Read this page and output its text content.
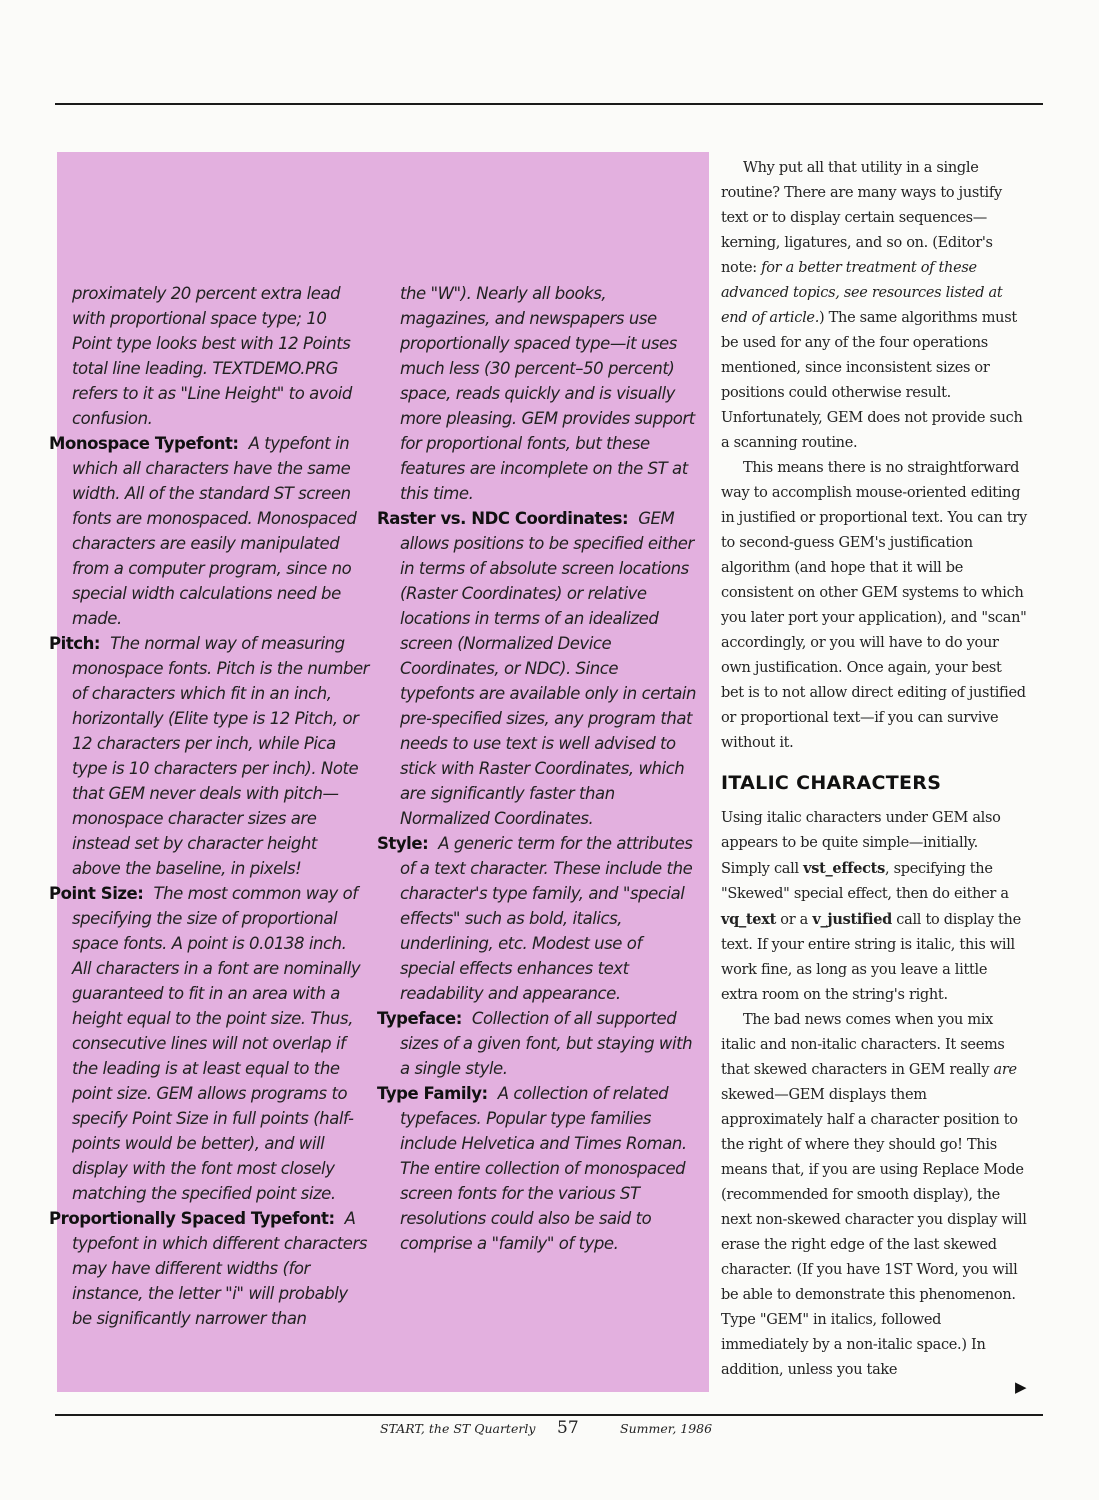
proximately 20 percent extra lead with proportional space type; 10 Point type looks best with 12 Points total line leading. TEXTDEMO.PRG refers to it as "Line Height" to avoid confusion.

Monospace Typefont: A typefont in which all characters have the same width. All of the standard ST screen fonts are monospaced. Monospaced characters are easily manipulated from a computer program, since no special width calculations need be made.

Pitch: The normal way of measuring monospace fonts. Pitch is the number of characters which fit in an inch, horizontally (Elite type is 12 Pitch, or 12 characters per inch, while Pica type is 10 characters per inch). Note that GEM never deals with pitch—monospace character sizes are instead set by character height above the baseline, in pixels!

Point Size: The most common way of specifying the size of proportional space fonts. A point is 0.0138 inch. All characters in a font are nominally guaranteed to fit in an area with a height equal to the point size. Thus, consecutive lines will not overlap if the leading is at least equal to the point size. GEM allows programs to specify Point Size in full points (half-points would be better), and will display with the font most closely matching the specified point size.

Proportionally Spaced Typefont: A typefont in which different characters may have different widths (for instance, the letter "i" will probably be significantly narrower than

the "W"). Nearly all books, magazines, and newspapers use proportionally spaced type—it uses much less (30 percent–50 percent) space, reads quickly and is visually more pleasing. GEM provides support for proportional fonts, but these features are incomplete on the ST at this time.

Raster vs. NDC Coordinates: GEM allows positions to be specified either in terms of absolute screen locations (Raster Coordinates) or relative locations in terms of an idealized screen (Normalized Device Coordinates, or NDC). Since typefonts are available only in certain pre-specified sizes, any program that needs to use text is well advised to stick with Raster Coordinates, which are significantly faster than Normalized Coordinates.

Style: A generic term for the attributes of a text character. These include the character's type family, and "special effects" such as bold, italics, underlining, etc. Modest use of special effects enhances text readability and appearance.

Typeface: Collection of all supported sizes of a given font, but staying with a single style.

Type Family: A collection of related typefaces. Popular type families include Helvetica and Times Roman. The entire collection of monospaced screen fonts for the various ST resolutions could also be said to comprise a "family" of type.

Why put all that utility in a single routine? There are many ways to justify text or to display certain sequences—kerning, ligatures, and so on. (Editor's note: for a better treatment of these advanced topics, see resources listed at end of article.) The same algorithms must be used for any of the four operations mentioned, since inconsistent sizes or positions could otherwise result. Unfortunately, GEM does not provide such a scanning routine.

This means there is no straightforward way to accomplish mouse-oriented editing in justified or proportional text. You can try to second-guess GEM's justification algorithm (and hope that it will be consistent on other GEM systems to which you later port your application), and "scan" accordingly, or you will have to do your own justification. Once again, your best bet is to not allow direct editing of justified or proportional text—if you can survive without it.

ITALIC CHARACTERS

Using italic characters under GEM also appears to be quite simple—initially. Simply call vst_effects, specifying the "Skewed" special effect, then do either a vq_text or a v_justified call to display the text. If your entire string is italic, this will work fine, as long as you leave a little extra room on the string's right.

The bad news comes when you mix italic and non-italic characters. It seems that skewed characters in GEM really are skewed—GEM displays them approximately half a character position to the right of where they should go! This means that, if you are using Replace Mode (recommended for smooth display), the next non-skewed character you display will erase the right edge of the last skewed character. (If you have 1ST Word, you will be able to demonstrate this phenomenon. Type "GEM" in italics, followed immediately by a non-italic space.) In addition, unless you take

▶
START, the ST Quarterly 57	Summer, 1986
